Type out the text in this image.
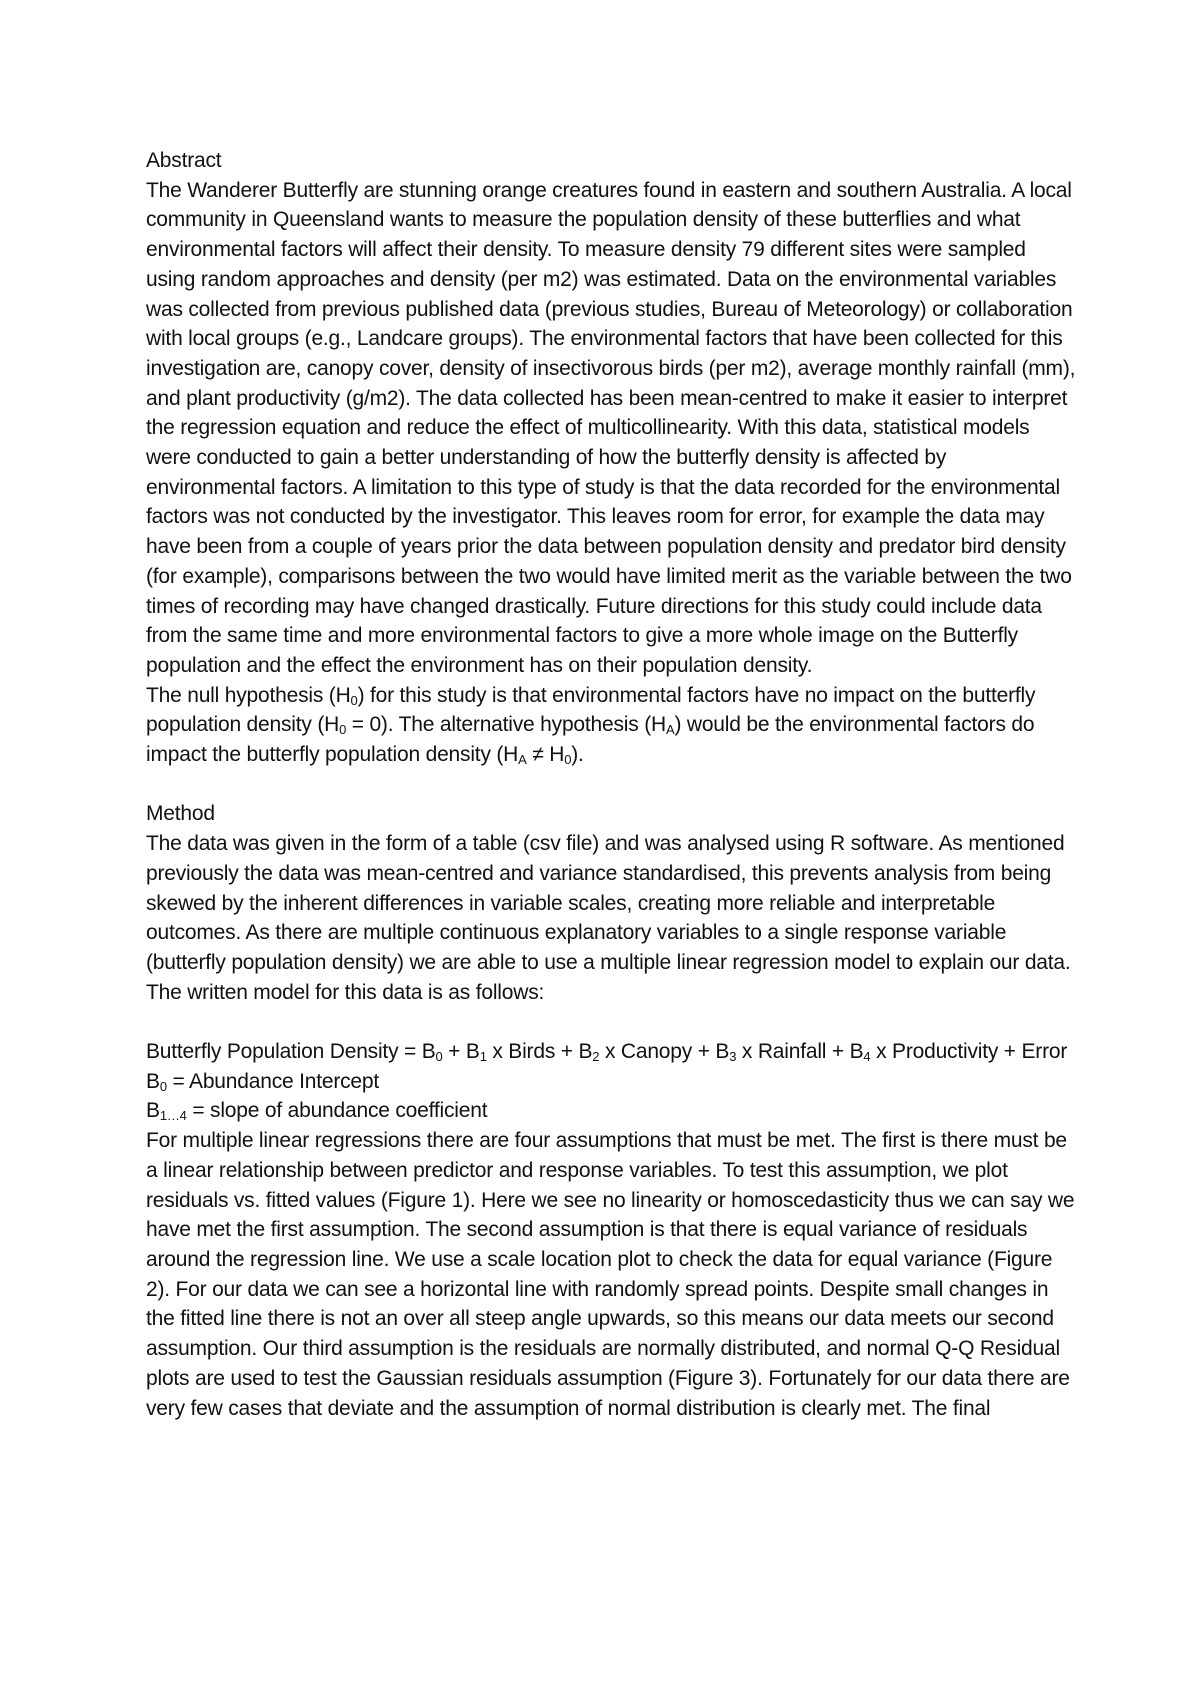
Abstract

The Wanderer Butterfly are stunning orange creatures found in eastern and southern Australia. A local community in Queensland wants to measure the population density of these butterflies and what environmental factors will affect their density. To measure density 79 different sites were sampled using random approaches and density (per m2) was estimated. Data on the environmental variables was collected from previous published data (previous studies, Bureau of Meteorology) or collaboration with local groups (e.g., Landcare groups). The environmental factors that have been collected for this investigation are, canopy cover, density of insectivorous birds (per m2), average monthly rainfall (mm), and plant productivity (g/m2). The data collected has been mean-centred to make it easier to interpret the regression equation and reduce the effect of multicollinearity. With this data, statistical models were conducted to gain a better understanding of how the butterfly density is affected by environmental factors. A limitation to this type of study is that the data recorded for the environmental factors was not conducted by the investigator. This leaves room for error, for example the data may have been from a couple of years prior the data between population density and predator bird density (for example), comparisons between the two would have limited merit as the variable between the two times of recording may have changed drastically. Future directions for this study could include data from the same time and more environmental factors to give a more whole image on the Butterfly population and the effect the environment has on their population density.

The null hypothesis $(H_0)$ for this study is that environmental factors have no impact on the butterfly population density $(H_0 = 0)$. The alternative hypothesis $(H_A)$ would be the environmental factors do impact the butterfly population density $(H_A \ne H_0)$.

Method

The data was given in the form of a table (csv file) and was analysed using R software. As mentioned previously the data was mean-centred and variance standardised, this prevents analysis from being skewed by the inherent differences in variable scales, creating more reliable and interpretable outcomes. As there are multiple continuous explanatory variables to a single response variable (butterfly population density) we are able to use a multiple linear regression model to explain our data. The written model for this data is as follows:

Butterfly Population Density = $B_0 + B_1$ x Birds + $B_2$ x Canopy + $B_3$ x Rainfall + $B_4$ x Productivity + Error

$B_0$ = Abundance Intercept

$B_{1\dots 4}$ = slope of abundance coefficient

For multiple linear regressions there are four assumptions that must be met. The first is there must be a linear relationship between predictor and response variables. To test this assumption, we plot residuals vs. fitted values (Figure 1). Here we see no linearity or homoscedasticity thus we can say we have met the first assumption. The second assumption is that there is equal variance of residuals around the regression line. We use a scale location plot to check the data for equal variance (Figure 2). For our data we can see a horizontal line with randomly spread points. Despite small changes in the fitted line there is not an over all steep angle upwards, so this means our data meets our second assumption. Our third assumption is the residuals are normally distributed, and normal Q-Q Residual plots are used to test the Gaussian residuals assumption (Figure 3). Fortunately for our data there are very few cases that deviate and the assumption of normal distribution is clearly met. The final
